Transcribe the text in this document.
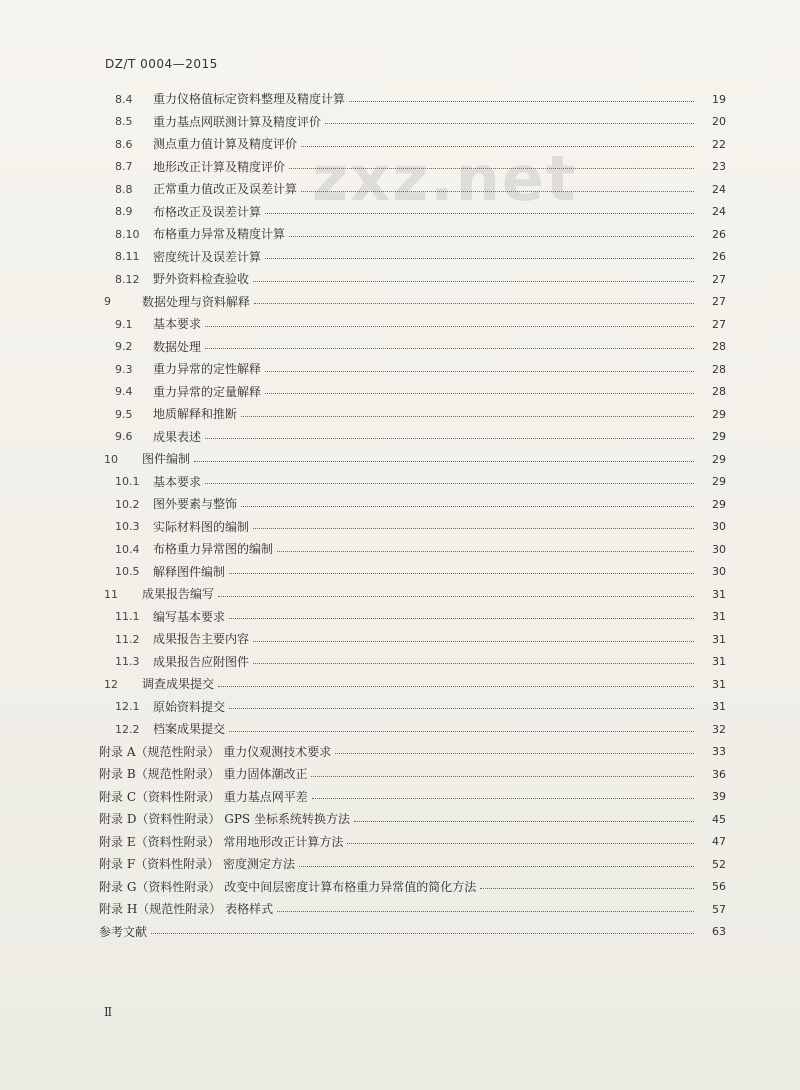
DZ/T 0004—2015
zxz.net
8.4	重力仪格值标定资料整理及精度计算	19
8.5	重力基点网联测计算及精度评价	20
8.6	测点重力值计算及精度评价	22
8.7	地形改正计算及精度评价	23
8.8	正常重力值改正及误差计算	24
8.9	布格改正及误差计算	24
8.10	布格重力异常及精度计算	26
8.11	密度统计及误差计算	26
8.12	野外资料检查验收	27
9	数据处理与资料解释	27
9.1	基本要求	27
9.2	数据处理	28
9.3	重力异常的定性解释	28
9.4	重力异常的定量解释	28
9.5	地质解释和推断	29
9.6	成果表述	29
10	图件编制	29
10.1	基本要求	29
10.2	图外要素与整饰	29
10.3	实际材料图的编制	30
10.4	布格重力异常图的编制	30
10.5	解释图件编制	30
11	成果报告编写	31
11.1	编写基本要求	31
11.2	成果报告主要内容	31
11.3	成果报告应附图件	31
12	调查成果提交	31
12.1	原始资料提交	31
12.2	档案成果提交	32
附录 A（规范性附录） 重力仪观测技术要求	33
附录 B（规范性附录） 重力固体潮改正	36
附录 C（资料性附录） 重力基点网平差	39
附录 D（资料性附录） GPS 坐标系统转换方法	45
附录 E（资料性附录） 常用地形改正计算方法	47
附录 F（资料性附录） 密度测定方法	52
附录 G（资料性附录） 改变中间层密度计算布格重力异常值的简化方法	56
附录 H（规范性附录） 表格样式	57
参考文献	63
Ⅱ
